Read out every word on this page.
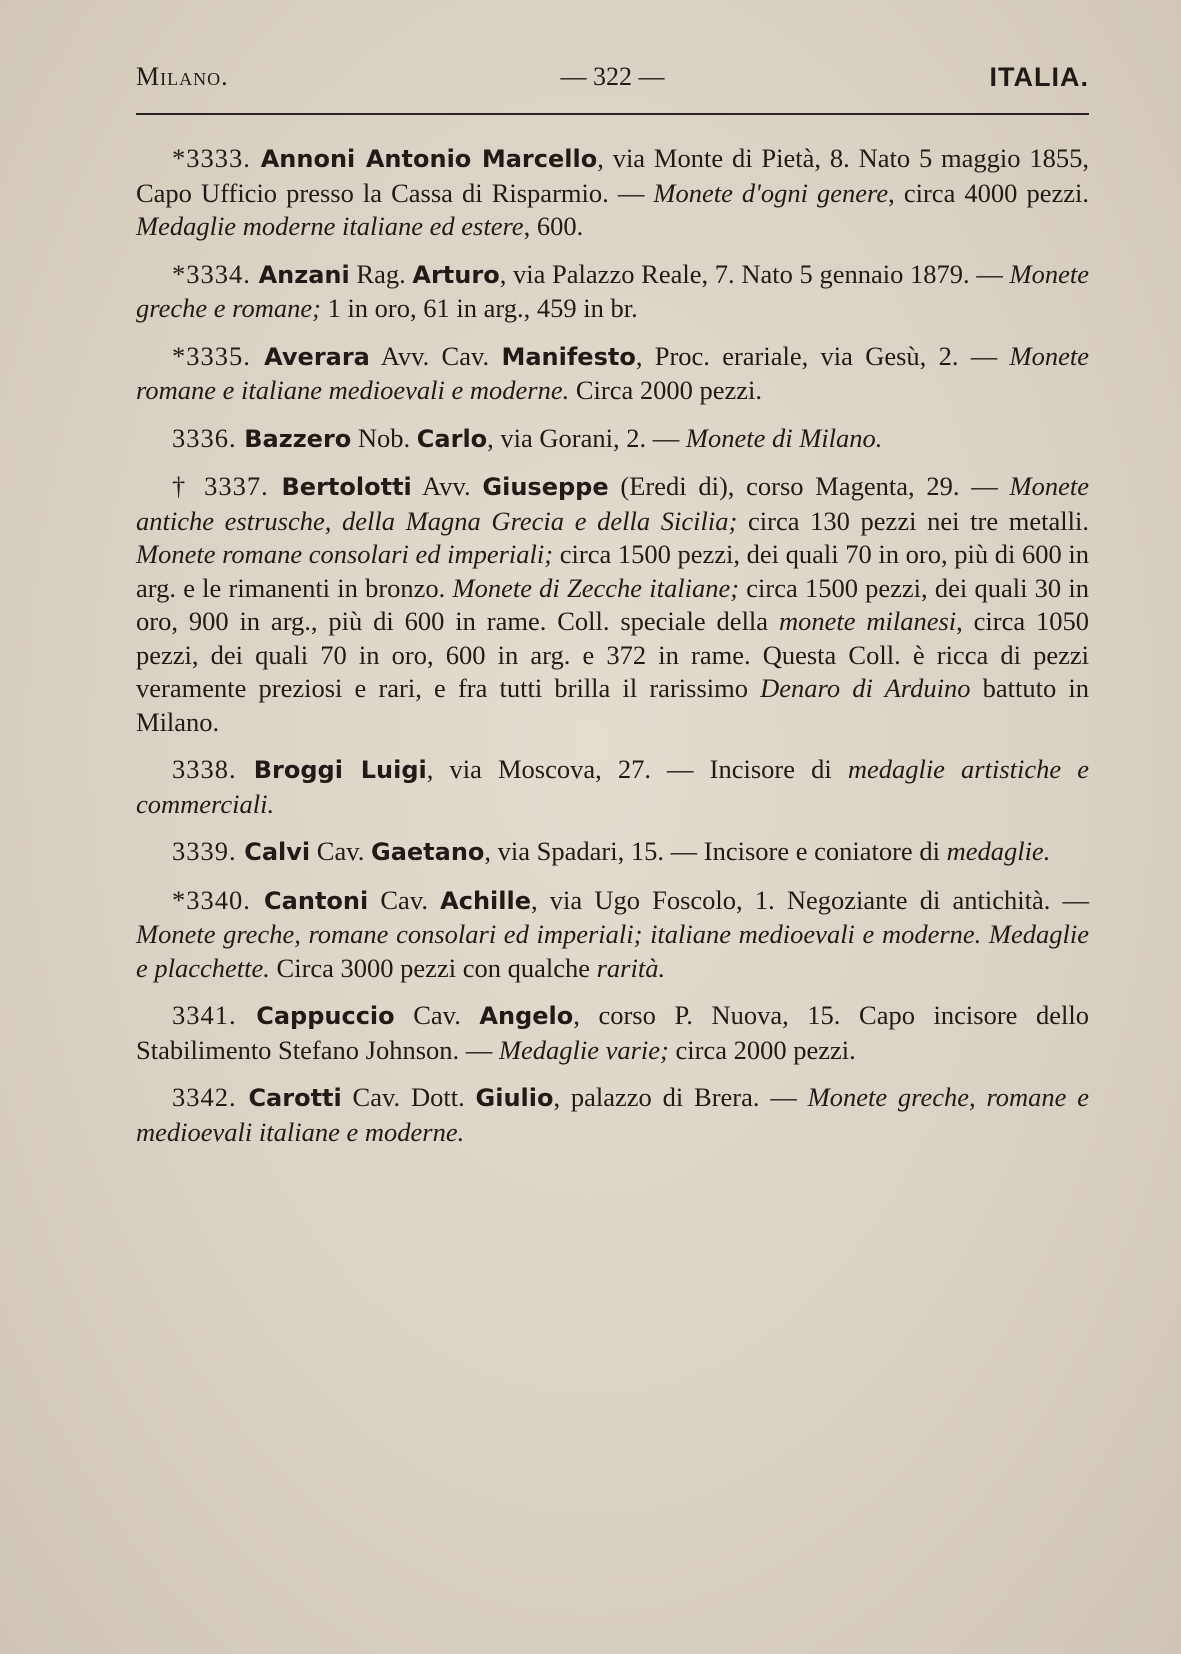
Milano.	— 322 —	ITALIA.

*3333. Annoni Antonio Marcello, via Monte di Pietà, 8. Nato 5 maggio 1855, Capo Ufficio presso la Cassa di Risparmio. — Monete d'ogni genere, circa 4000 pezzi. Medaglie moderne italiane ed estere, 600.

*3334. Anzani Rag. Arturo, via Palazzo Reale, 7. Nato 5 gennaio 1879. — Monete greche e romane; 1 in oro, 61 in arg., 459 in br.

*3335. Averara Avv. Cav. Manifesto, Proc. erariale, via Gesù, 2. — Monete romane e italiane medioevali e moderne. Circa 2000 pezzi.

3336. Bazzero Nob. Carlo, via Gorani, 2. — Monete di Milano.

† 3337. Bertolotti Avv. Giuseppe (Eredi di), corso Magenta, 29. — Monete antiche estrusche, della Magna Grecia e della Sicilia; circa 130 pezzi nei tre metalli. Monete romane consolari ed imperiali; circa 1500 pezzi, dei quali 70 in oro, più di 600 in arg. e le rimanenti in bronzo. Monete di Zecche italiane; circa 1500 pezzi, dei quali 30 in oro, 900 in arg., più di 600 in rame. Coll. speciale della monete milanesi, circa 1050 pezzi, dei quali 70 in oro, 600 in arg. e 372 in rame. Questa Coll. è ricca di pezzi veramente preziosi e rari, e fra tutti brilla il rarissimo Denaro di Arduino battuto in Milano.

3338. Broggi Luigi, via Moscova, 27. — Incisore di medaglie artistiche e commerciali.

3339. Calvi Cav. Gaetano, via Spadari, 15. — Incisore e coniatore di medaglie.

*3340. Cantoni Cav. Achille, via Ugo Foscolo, 1. Negoziante di antichità. — Monete greche, romane consolari ed imperiali; italiane medioevali e moderne. Medaglie e placchette. Circa 3000 pezzi con qualche rarità.

3341. Cappuccio Cav. Angelo, corso P. Nuova, 15. Capo incisore dello Stabilimento Stefano Johnson. — Medaglie varie; circa 2000 pezzi.

3342. Carotti Cav. Dott. Giulio, palazzo di Brera. — Monete greche, romane e medioevali italiane e moderne.
